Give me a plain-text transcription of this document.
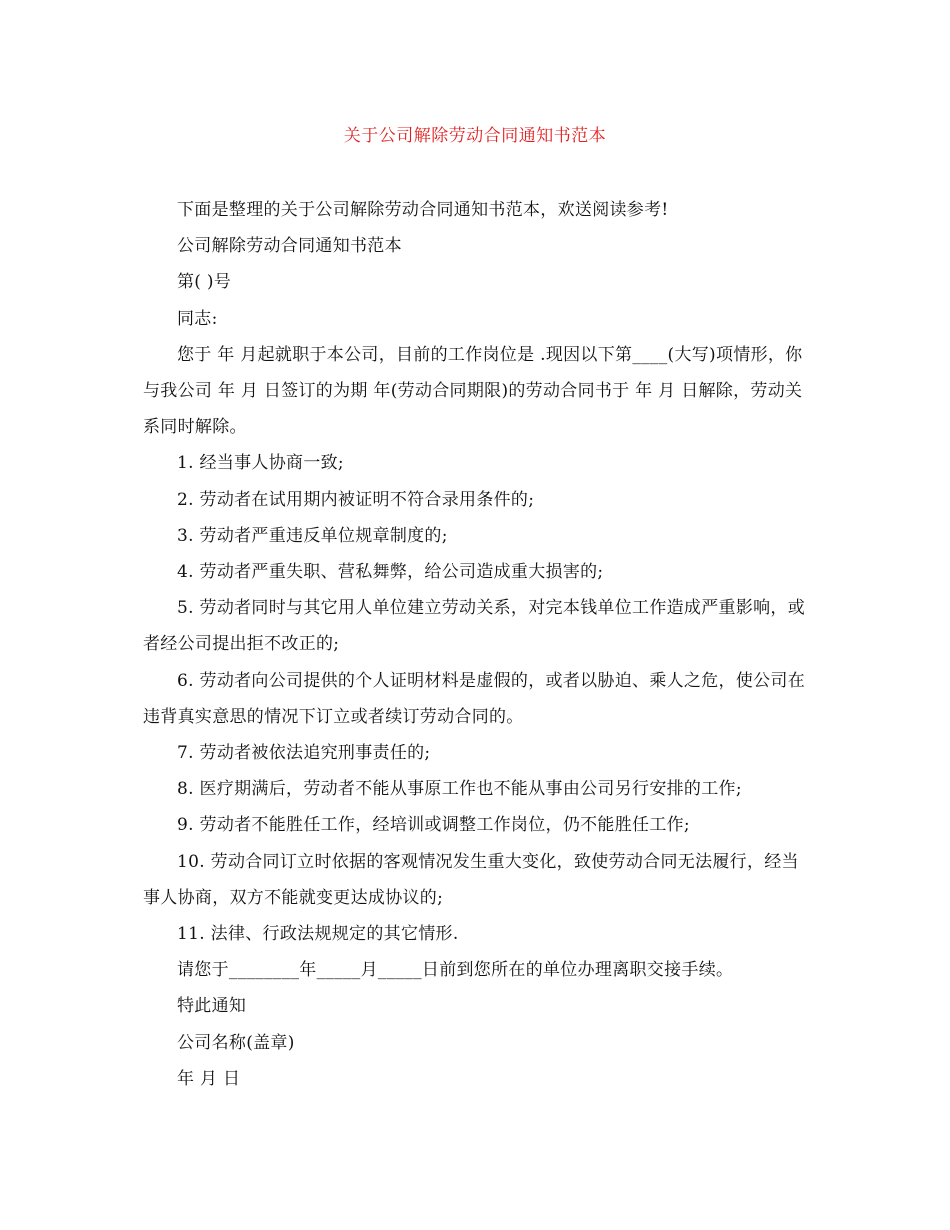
关于公司解除劳动合同通知书范本

下面是整理的关于公司解除劳动合同通知书范本，欢送阅读参考!

公司解除劳动合同通知书范本

第( )号

同志:

您于 年 月起就职于本公司，目前的工作岗位是 .现因以下第____(大写)项情形，你与我公司 年 月 日签订的为期 年(劳动合同期限)的劳动合同书于 年 月 日解除，劳动关系同时解除。

1. 经当事人协商一致;

2. 劳动者在试用期内被证明不符合录用条件的;

3. 劳动者严重违反单位规章制度的;

4. 劳动者严重失职、营私舞弊，给公司造成重大损害的;

5. 劳动者同时与其它用人单位建立劳动关系，对完本钱单位工作造成严重影响，或者经公司提出拒不改正的;

6. 劳动者向公司提供的个人证明材料是虚假的，或者以胁迫、乘人之危，使公司在违背真实意思的情况下订立或者续订劳动合同的。

7. 劳动者被依法追究刑事责任的;

8. 医疗期满后，劳动者不能从事原工作也不能从事由公司另行安排的工作;

9. 劳动者不能胜任工作，经培训或调整工作岗位，仍不能胜任工作;

10. 劳动合同订立时依据的客观情况发生重大变化，致使劳动合同无法履行，经当事人协商，双方不能就变更达成协议的;

11. 法律、行政法规规定的其它情形.

请您于________年_____月_____日前到您所在的单位办理离职交接手续。

特此通知

公司名称(盖章)

年 月 日
